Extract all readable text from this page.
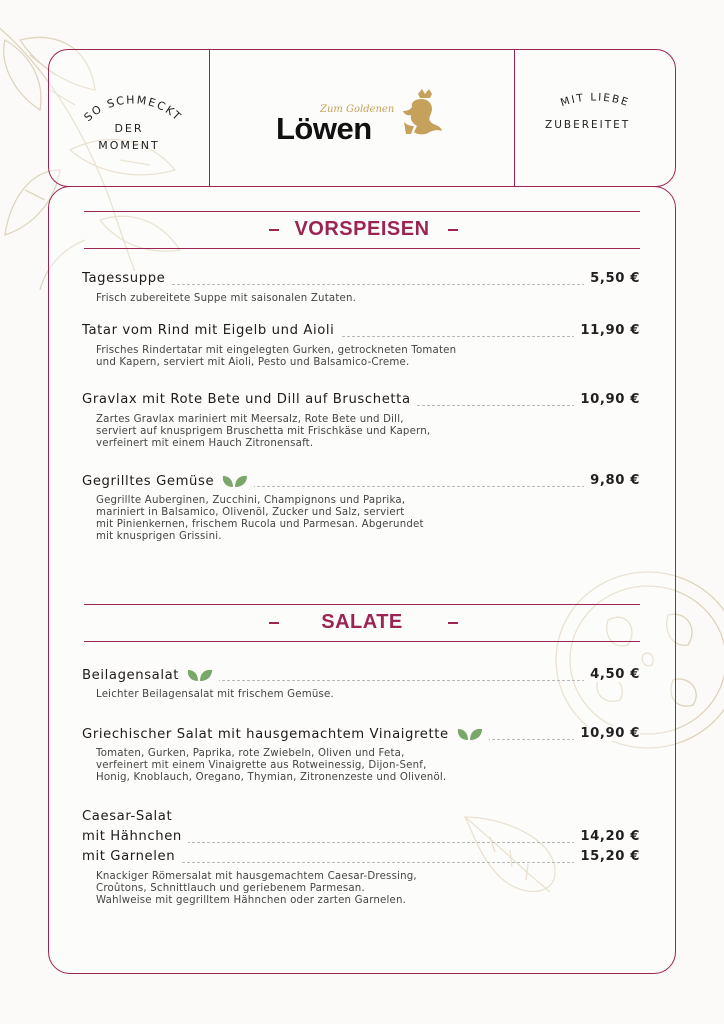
SO SCHMECKT
DER
MOMENT
MIT LIEBE
Zum Goldenen
Löwen	ZUBEREITET
VORSPEISEN
Tagessuppe	5,50 €
Frisch zubereitete Suppe mit saisonalen Zutaten.
Tatar vom Rind mit Eigelb und Aioli	11,90 €
Frisches Rindertatar mit eingelegten Gurken, getrockneten Tomaten
und Kapern, serviert mit Aioli, Pesto und Balsamico-Creme.
Gravlax mit Rote Bete und Dill auf Bruschetta	10,90 €
Zartes Gravlax mariniert mit Meersalz, Rote Bete und Dill,
serviert auf knusprigem Bruschetta mit Frischkäse und Kapern,
verfeinert mit einem Hauch Zitronensaft.
Gegrilltes Gemüse	9,80 €
Gegrillte Auberginen, Zucchini, Champignons und Paprika,
mariniert in Balsamico, Olivenöl, Zucker und Salz, serviert
mit Pinienkernen, frischem Rucola und Parmesan. Abgerundet
mit knusprigen Grissini.
SALATE
Beilagensalat	4,50 €
Leichter Beilagensalat mit frischem Gemüse.
Griechischer Salat mit hausgemachtem Vinaigrette	10,90 €
Tomaten, Gurken, Paprika, rote Zwiebeln, Oliven und Feta,
verfeinert mit einem Vinaigrette aus Rotweinessig, Dijon-Senf,
Honig, Knoblauch, Oregano, Thymian, Zitronenzeste und Olivenöl.
Caesar-Salat
mit Hähnchen	14,20 €
mit Garnelen	15,20 €
Knackiger Römersalat mit hausgemachtem Caesar-Dressing,
Croûtons, Schnittlauch und geriebenem Parmesan.
Wahlweise mit gegrilltem Hähnchen oder zarten Garnelen.
